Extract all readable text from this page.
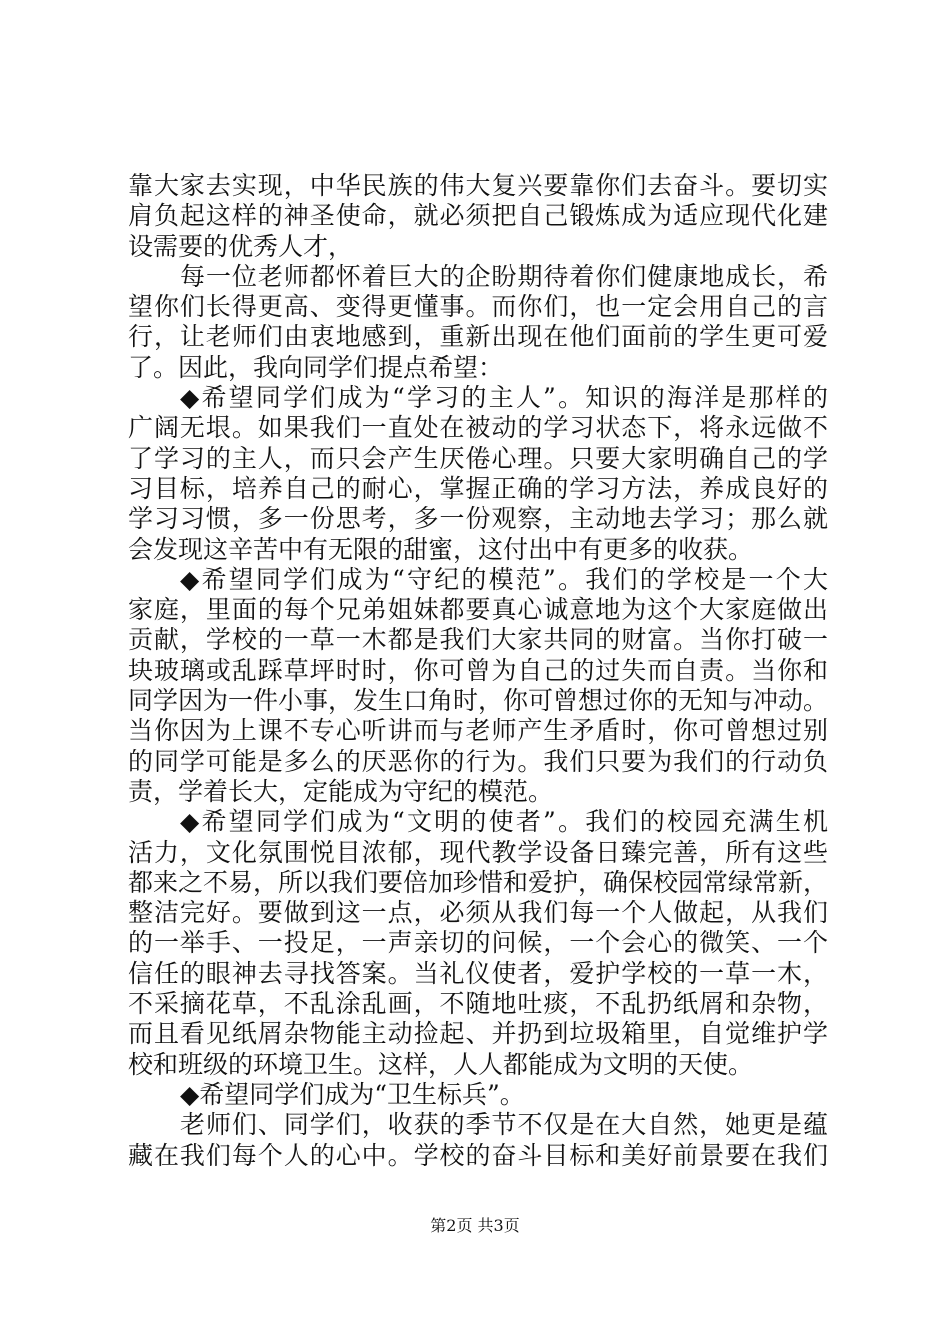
靠大家去实现，中华民族的伟大复兴要靠你们去奋斗。要切实
肩负起这样的神圣使命，就必须把自己锻炼成为适应现代化建
设需要的优秀人才，
每一位老师都怀着巨大的企盼期待着你们健康地成长，希
望你们长得更高、变得更懂事。而你们，也一定会用自己的言
行，让老师们由衷地感到，重新出现在他们面前的学生更可爱
了。因此，我向同学们提点希望：
◆希望同学们成为“学习的主人”。知识的海洋是那样的
广阔无垠。如果我们一直处在被动的学习状态下，将永远做不
了学习的主人，而只会产生厌倦心理。只要大家明确自己的学
习目标，培养自己的耐心，掌握正确的学习方法，养成良好的
学习习惯，多一份思考，多一份观察，主动地去学习；那么就
会发现这辛苦中有无限的甜蜜，这付出中有更多的收获。
◆希望同学们成为“守纪的模范”。我们的学校是一个大
家庭，里面的每个兄弟姐妹都要真心诚意地为这个大家庭做出
贡献，学校的一草一木都是我们大家共同的财富。当你打破一
块玻璃或乱踩草坪时时，你可曾为自己的过失而自责。当你和
同学因为一件小事，发生口角时，你可曾想过你的无知与冲动。
当你因为上课不专心听讲而与老师产生矛盾时，你可曾想过别
的同学可能是多么的厌恶你的行为。我们只要为我们的行动负
责，学着长大，定能成为守纪的模范。
◆希望同学们成为“文明的使者”。我们的校园充满生机
活力，文化氛围悦目浓郁，现代教学设备日臻完善，所有这些
都来之不易，所以我们要倍加珍惜和爱护，确保校园常绿常新，
整洁完好。要做到这一点，必须从我们每一个人做起，从我们
的一举手、一投足，一声亲切的问候，一个会心的微笑、一个
信任的眼神去寻找答案。当礼仪使者，爱护学校的一草一木，
不采摘花草，不乱涂乱画，不随地吐痰，不乱扔纸屑和杂物，
而且看见纸屑杂物能主动捡起、并扔到垃圾箱里，自觉维护学
校和班级的环境卫生。这样，人人都能成为文明的天使。
◆希望同学们成为“卫生标兵”。
老师们、同学们，收获的季节不仅是在大自然，她更是蕴
藏在我们每个人的心中。学校的奋斗目标和美好前景要在我们
第2页 共3页
